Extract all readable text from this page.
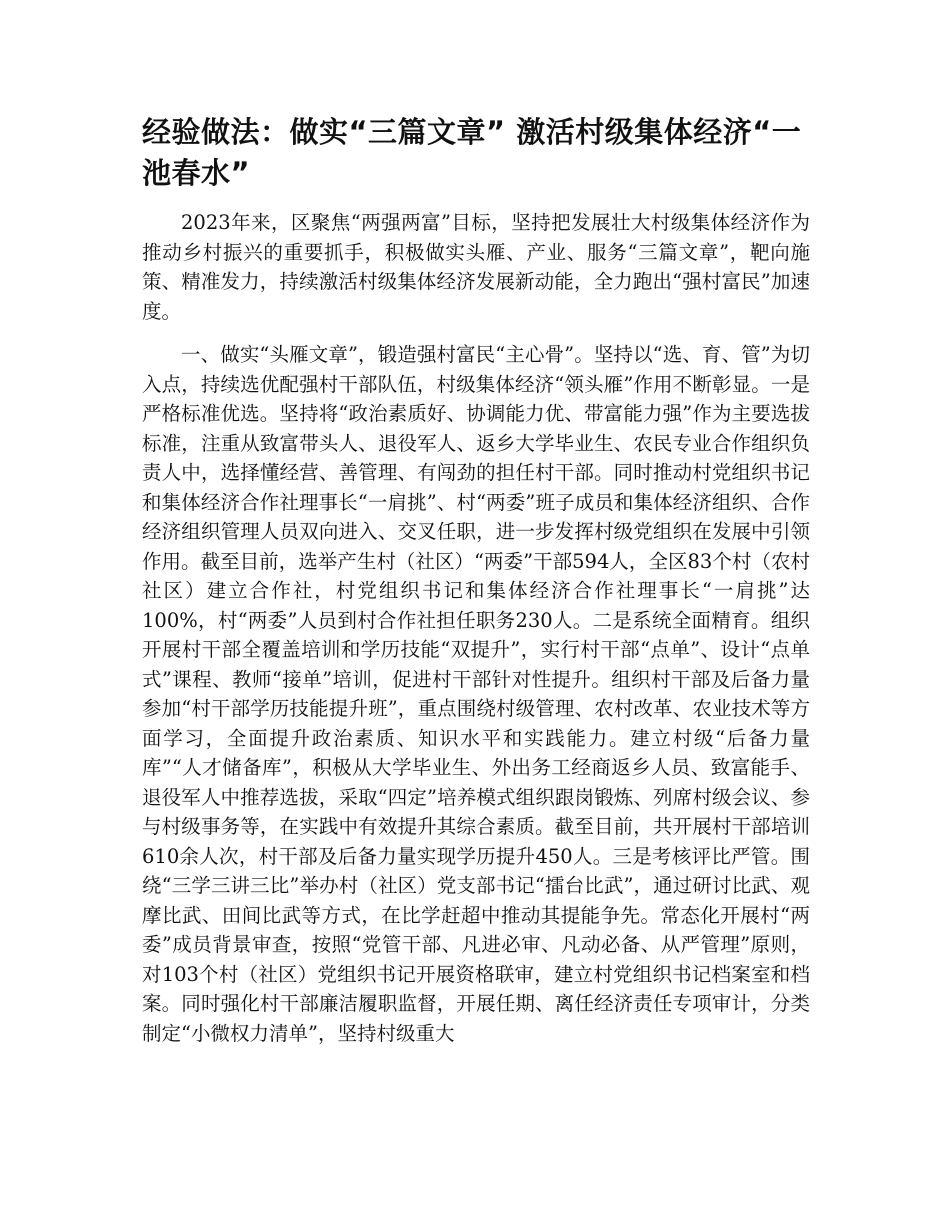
经验做法：做实“三篇文章” 激活村级集体经济“一池春水”

2023年来，区聚焦“两强两富”目标，坚持把发展壮大村级集体经济作为推动乡村振兴的重要抓手，积极做实头雁、产业、服务“三篇文章”，靶向施策、精准发力，持续激活村级集体经济发展新动能，全力跑出“强村富民”加速度。

一、做实“头雁文章”，锻造强村富民“主心骨”。坚持以“选、育、管”为切入点，持续选优配强村干部队伍，村级集体经济“领头雁”作用不断彰显。一是严格标准优选。坚持将“政治素质好、协调能力优、带富能力强”作为主要选拔标准，注重从致富带头人、退役军人、返乡大学毕业生、农民专业合作组织负责人中，选择懂经营、善管理、有闯劲的担任村干部。同时推动村党组织书记和集体经济合作社理事长“一肩挑”、村“两委”班子成员和集体经济组织、合作经济组织管理人员双向进入、交叉任职，进一步发挥村级党组织在发展中引领作用。截至目前，选举产生村（社区）“两委”干部594人，全区83个村（农村社区）建立合作社，村党组织书记和集体经济合作社理事长“一肩挑”达100%，村“两委”人员到村合作社担任职务230人。二是系统全面精育。组织开展村干部全覆盖培训和学历技能“双提升”，实行村干部“点单”、设计“点单式”课程、教师“接单”培训，促进村干部针对性提升。组织村干部及后备力量参加“村干部学历技能提升班”，重点围绕村级管理、农村改革、农业技术等方面学习，全面提升政治素质、知识水平和实践能力。建立村级“后备力量库”“人才储备库”，积极从大学毕业生、外出务工经商返乡人员、致富能手、退役军人中推荐选拔，采取“四定”培养模式组织跟岗锻炼、列席村级会议、参与村级事务等，在实践中有效提升其综合素质。截至目前，共开展村干部培训610余人次，村干部及后备力量实现学历提升450人。三是考核评比严管。围绕“三学三讲三比”举办村（社区）党支部书记“擂台比武”，通过研讨比武、观摩比武、田间比武等方式，在比学赶超中推动其提能争先。常态化开展村“两委”成员背景审查，按照“党管干部、凡进必审、凡动必备、从严管理”原则，对103个村（社区）党组织书记开展资格联审，建立村党组织书记档案室和档案。同时强化村干部廉洁履职监督，开展任期、离任经济责任专项审计，分类制定“小微权力清单”，坚持村级重大
